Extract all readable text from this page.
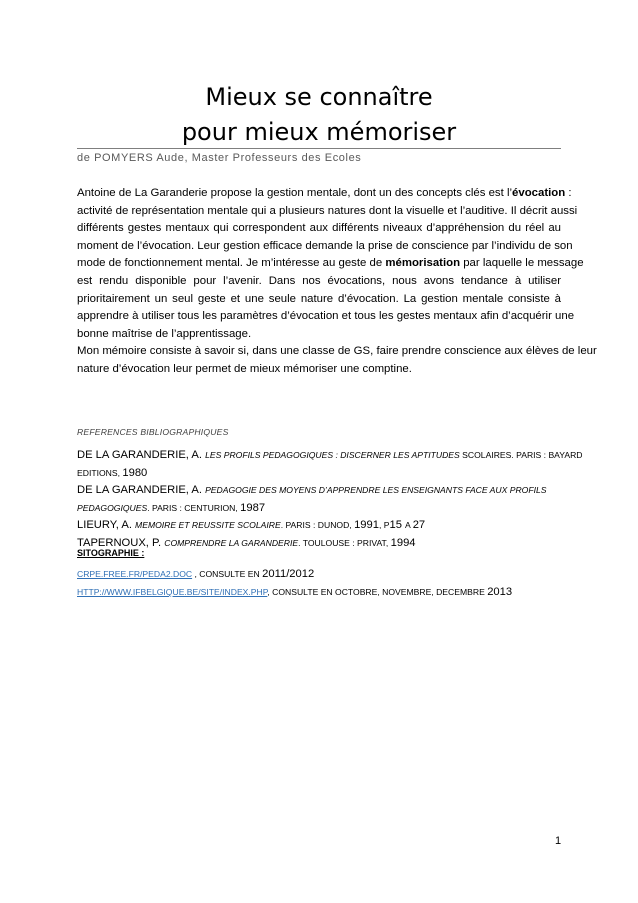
Mieux se connaître
pour mieux mémoriser
de POMYERS Aude, Master Professeurs des Ecoles
Antoine de La Garanderie propose la gestion mentale, dont un des concepts clés est l’évocation :
activité de représentation mentale qui a plusieurs natures dont la visuelle et l’auditive. Il décrit aussi
différents gestes mentaux qui correspondent aux différents niveaux d’appréhension du réel au
moment de l’évocation. Leur gestion efficace demande la prise de conscience par l’individu de son
mode de fonctionnement mental. Je m’intéresse au geste de mémorisation par laquelle le message
est rendu disponible pour l’avenir. Dans nos évocations, nous avons tendance à utiliser
prioritairement un seul geste et une seule nature d’évocation. La gestion mentale consiste à
apprendre à utiliser tous les paramètres d’évocation et tous les gestes mentaux afin d’acquérir une
bonne maîtrise de l’apprentissage.
Mon mémoire consiste à savoir si, dans une classe de GS, faire prendre conscience aux élèves de leur
nature d’évocation leur permet de mieux mémoriser une comptine.
REFERENCES BIBLIOGRAPHIQUES
DE LA GARANDERIE, A. LES PROFILS PEDAGOGIQUES : DISCERNER LES APTITUDES SCOLAIRES. PARIS : BAYARD
EDITIONS, 1980
DE LA GARANDERIE, A. PEDAGOGIE DES MOYENS D’APPRENDRE LES ENSEIGNANTS FACE AUX PROFILS
PEDAGOGIQUES. PARIS : CENTURION, 1987
LIEURY, A. MEMOIRE ET REUSSITE SCOLAIRE. PARIS : DUNOD, 1991, P15 A 27
TAPERNOUX, P. COMPRENDRE LA GARANDERIE. TOULOUSE : PRIVAT, 1994
SITOGRAPHIE :
CRPE.FREE.FR/PEDA2.DOC , CONSULTE EN 2011/2012
HTTP://WWW.IFBELGIQUE.BE/SITE/INDEX.PHP, CONSULTE EN OCTOBRE, NOVEMBRE, DECEMBRE 2013
1
